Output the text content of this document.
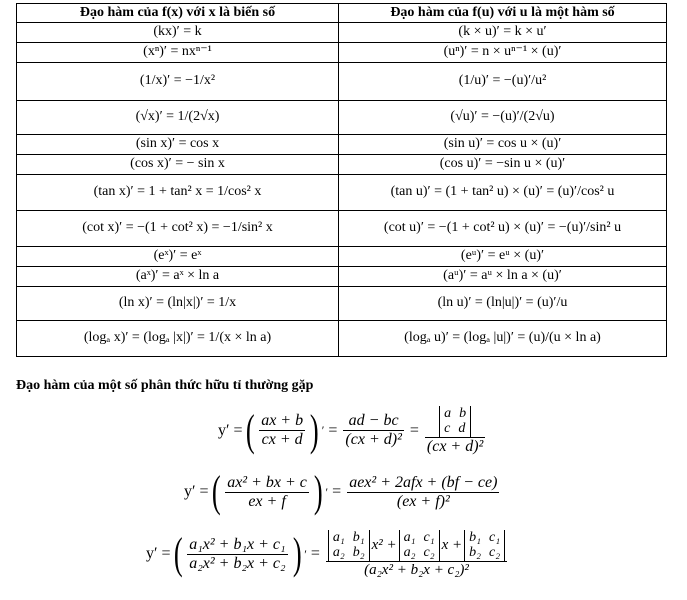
Đạo hàm của f(x) với x là biến số	Đạo hàm của f(u) với u là một hàm số
(kx)′ = k	(k × u)′ = k × u′
(xⁿ)′ = nxⁿ⁻¹	(uⁿ)′ = n × uⁿ⁻¹ × (u)′
(1/x)′ = −1/x²	(1/u)′ = −(u)′/u²
(√x)′ = 1/(2√x)	(√u)′ = −(u)′/(2√u)
(sin x)′ = cos x	(sin u)′ = cos u × (u)′
(cos x)′ = − sin x	(cos u)′ = −sin u × (u)′
(tan x)′ = 1 + tan² x = 1/cos² x	(tan u)′ = (1 + tan² u) × (u)′ = (u)′/cos² u
(cot x)′ = −(1 + cot² x) = −1/sin² x	(cot u)′ = −(1 + cot² u) × (u)′ = −(u)′/sin² u
(eˣ)′ = eˣ	(eᵘ)′ = eᵘ × (u)′
(aˣ)′ = aˣ × ln a	(aᵘ)′ = aᵘ × ln a × (u)′
(ln x)′ = (ln|x|)′ = 1/x	(ln u)′ = (ln|u|)′ = (u)′/u
(logₐ x)′ = (logₐ |x|)′ = 1/(x × ln a)	(logₐ u)′ = (logₐ |u|)′ = (u)/(u × ln a)
Đạo hàm của một số phân thức hữu tỉ thường gặp
y′ = ( $\frac{ax + b}{cx + d}$ ) ′ = $\frac{ad - bc}{\text{(cx + d)²}} = a$ b
c d
(cx + d)²
y′ = ( $\frac{\text{ax² + bx + c}}{ex + f}$ ) ′ = $\frac{\text{aex² + 2afx + (bf − ce)}}{\text{(ex + f)²}}$
y′ = ( $\frac{\text{a₁x² + b₁x + c₁}}{\text{a₂x² + b₂x + c₂}}$ ) ′ =
a₁ b₁
a₂ b₂ x² + a₁ c₁
a₂ c₂ x + b₁ c₁
b₂ c₂
(a₂x² + b₂x + c₂)²
